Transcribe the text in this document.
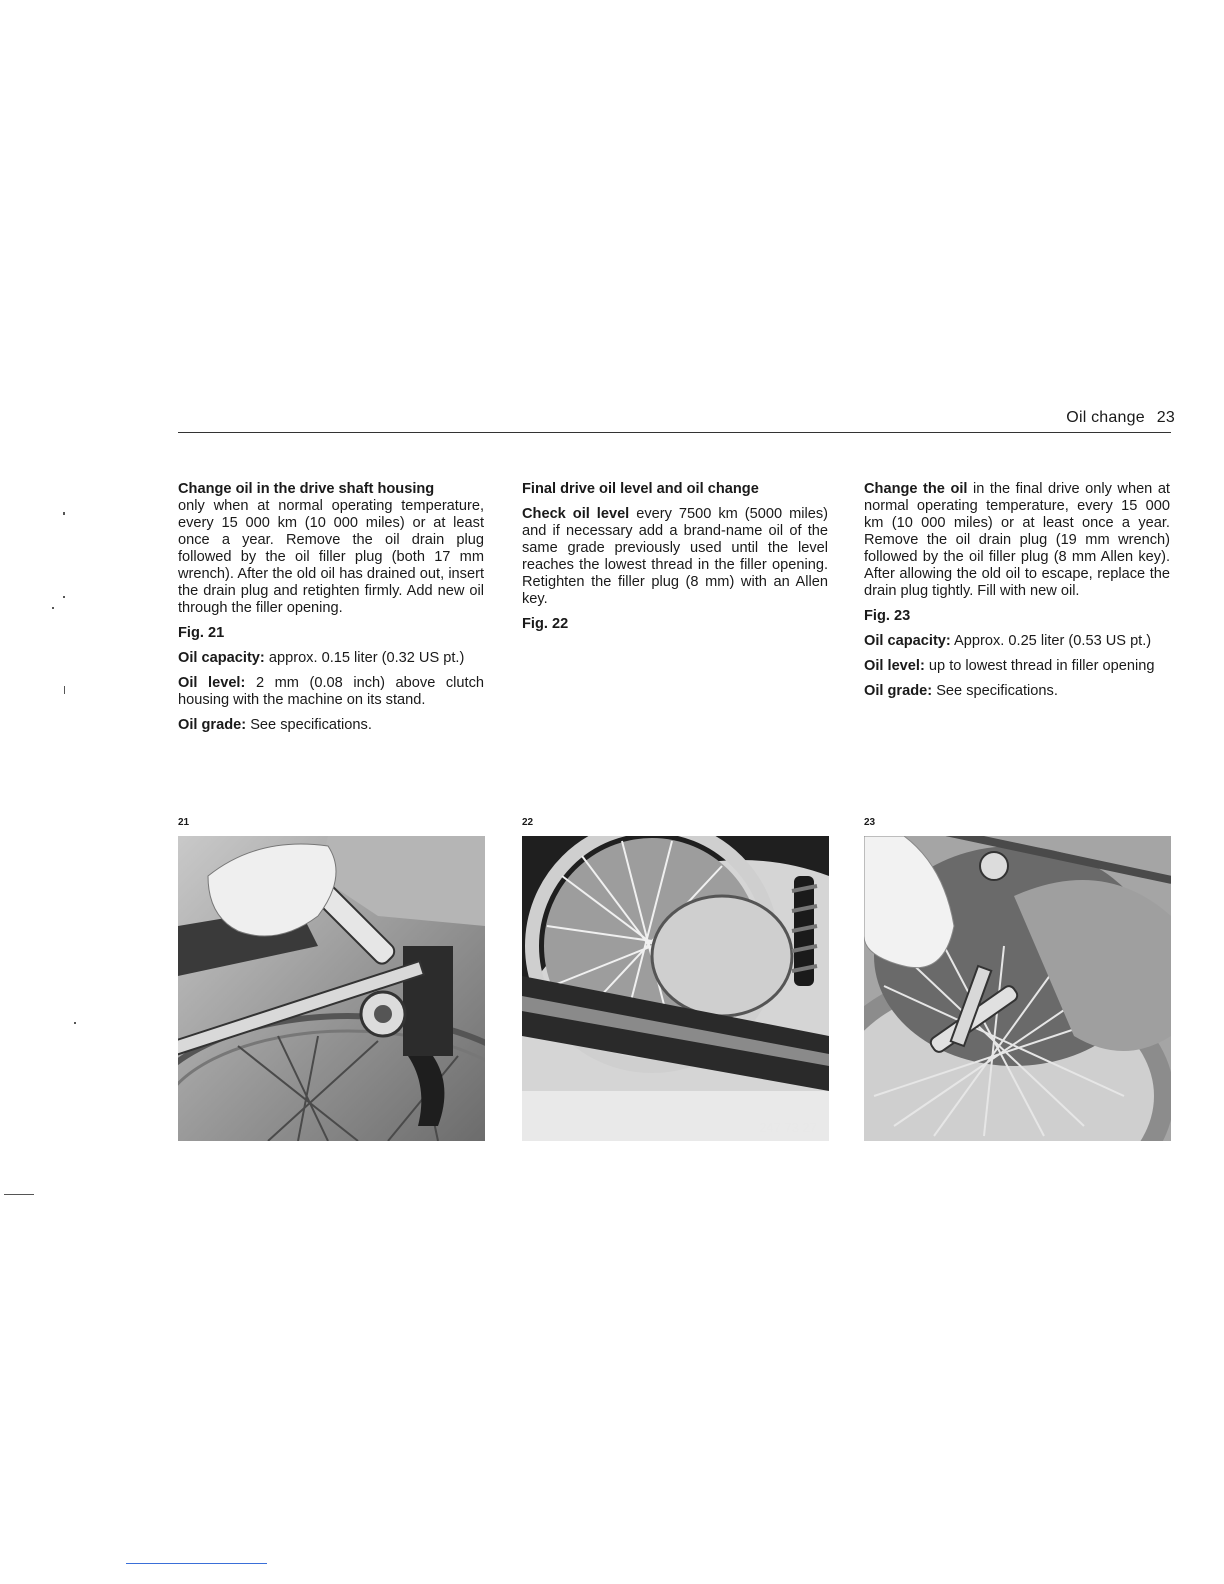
Oil change 23

Change oil in the drive shaft housing
only when at normal operating temperature, every 15 000 km (10 000 miles) or at least once a year. Remove the oil drain plug followed by the oil filler plug (both 17 mm wrench). After the old oil has drained out, insert the drain plug and retighten firmly. Add new oil through the filler opening.

Fig. 21

Oil capacity: approx. 0.15 liter (0.32 US pt.)

Oil level: 2 mm (0.08 inch) above clutch housing with the machine on its stand.

Oil grade: See specifications.

Final drive oil level and oil change

Check oil level every 7500 km (5000 miles) and if necessary add a brand-name oil of the same grade previously used until the level reaches the lowest thread in the filler opening. Retighten the filler plug (8 mm) with an Allen key.

Fig. 22

Change the oil in the final drive only when at normal operating temperature, every 15 000 km (10 000 miles) or at least once a year. Remove the oil drain plug (19 mm wrench) followed by the oil filler plug (8 mm Allen key). After allowing the old oil to escape, replace the drain plug tightly. Fill with new oil.

Fig. 23

Oil capacity: Approx. 0.25 liter (0.53 US pt.)

Oil level: up to lowest thread in filler opening

Oil grade: See specifications.

21	22	23
247 73 27
